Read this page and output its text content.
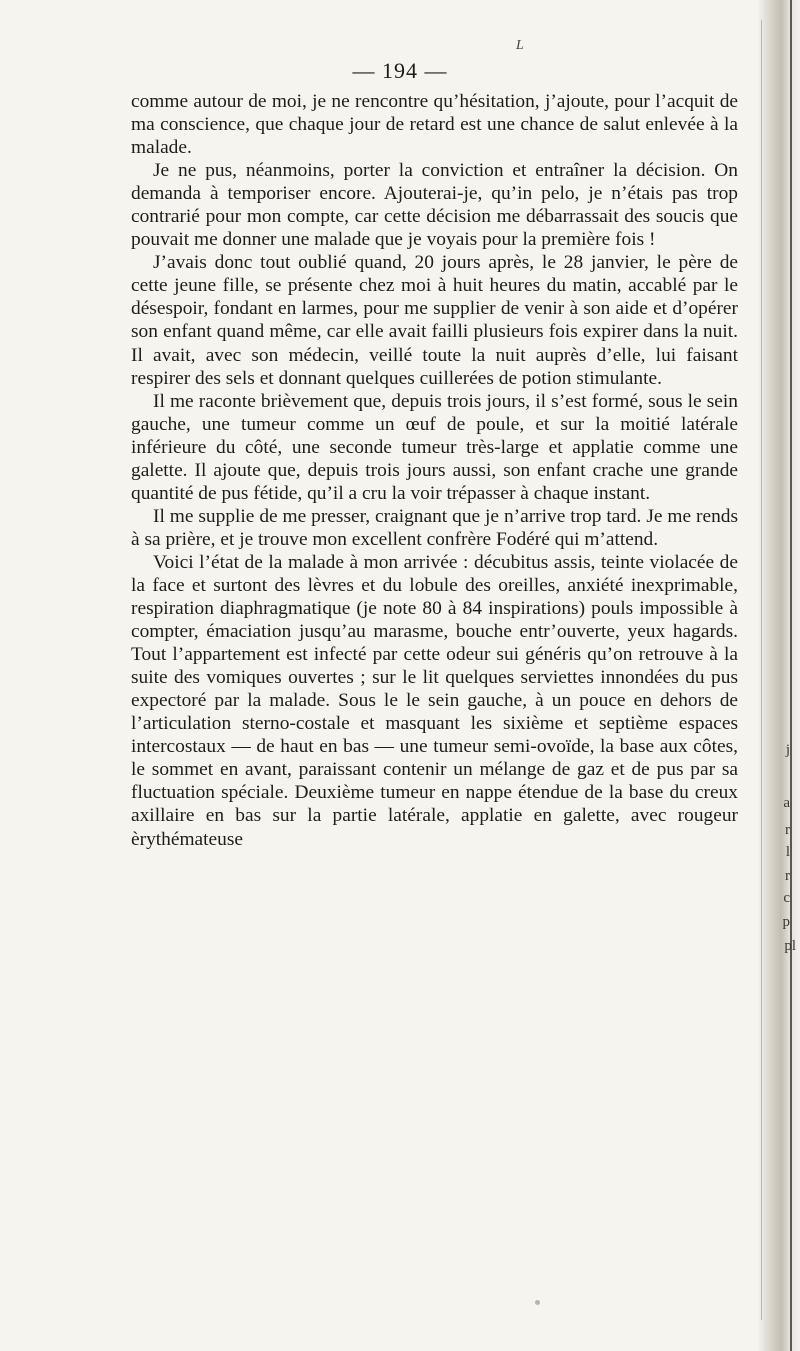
j
a
r
l
r
c
p
pl
L
— 194 —

comme autour de moi, je ne rencontre qu’hésitation, j’ajoute, pour l’acquit de ma conscience, que chaque jour de retard est une chance de salut enlevée à la malade.

Je ne pus, néanmoins, porter la conviction et entraîner la décision. On demanda à temporiser encore. Ajouterai-je, qu’in pelo, je n’étais pas trop contrarié pour mon compte, car cette décision me débarrassait des soucis que pouvait me donner une malade que je voyais pour la première fois !

J’avais donc tout oublié quand, 20 jours après, le 28 janvier, le père de cette jeune fille, se présente chez moi à huit heures du matin, accablé par le désespoir, fondant en larmes, pour me supplier de venir à son aide et d’opérer son enfant quand même, car elle avait failli plusieurs fois expirer dans la nuit. Il avait, avec son médecin, veillé toute la nuit auprès d’elle, lui faisant respirer des sels et donnant quelques cuillerées de potion stimulante.

Il me raconte brièvement que, depuis trois jours, il s’est formé, sous le sein gauche, une tumeur comme un œuf de poule, et sur la moitié latérale inférieure du côté, une seconde tumeur très-large et applatie comme une galette. Il ajoute que, depuis trois jours aussi, son enfant crache une grande quantité de pus fétide, qu’il a cru la voir trépasser à chaque instant.

Il me supplie de me presser, craignant que je n’arrive trop tard. Je me rends à sa prière, et je trouve mon excellent confrère Fodéré qui m’attend.

Voici l’état de la malade à mon arrivée : décubitus assis, teinte violacée de la face et surtont des lèvres et du lobule des oreilles, anxiété inexprimable, respiration diaphragmatique (je note 80 à 84 inspirations) pouls impossible à compter, émaciation jusqu’au marasme, bouche entr’ouverte, yeux hagards. Tout l’appartement est infecté par cette odeur sui généris qu’on retrouve à la suite des vomiques ouvertes ; sur le lit quelques serviettes innondées du pus expectoré par la malade. Sous le le sein gauche, à un pouce en dehors de l’articulation sterno-costale et masquant les sixième et septième espaces intercostaux — de haut en bas — une tumeur semi-ovoïde, la base aux côtes, le sommet en avant, paraissant contenir un mélange de gaz et de pus par sa fluctuation spéciale. Deuxième tumeur en nappe étendue de la base du creux axillaire en bas sur la partie latérale, applatie en galette, avec rougeur èrythémateuse
